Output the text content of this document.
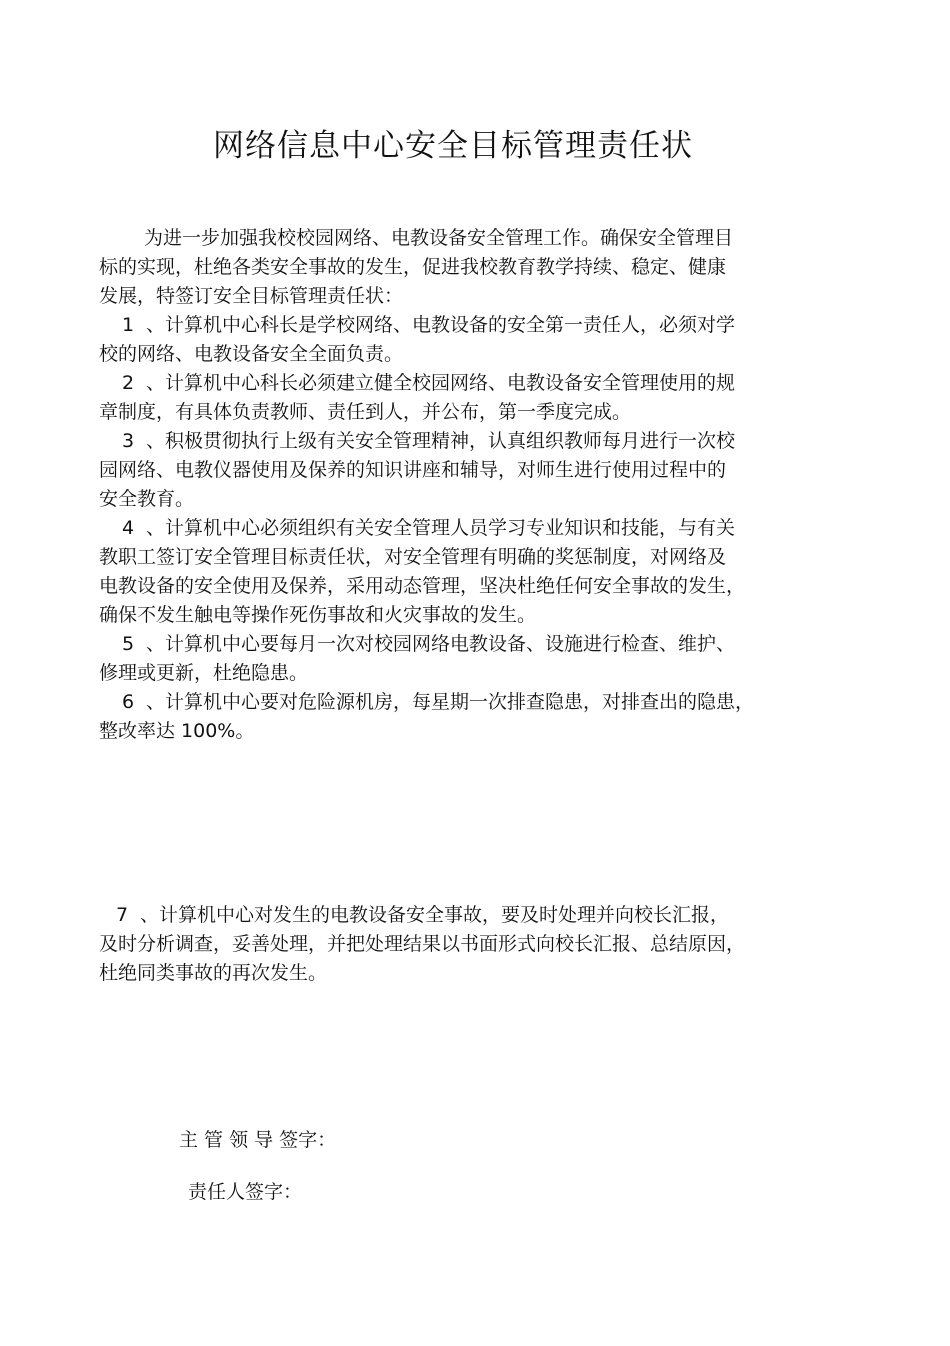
网络信息中心安全目标管理责任状
为进一步加强我校校园网络、电教设备安全管理工作。确保安全管理目
标的实现，杜绝各类安全事故的发生，促进我校教育教学持续、稳定、健康
发展，特签订安全目标管理责任状：
1 、计算机中心科长是学校网络、电教设备的安全第一责任人，必须对学
校的网络、电教设备安全全面负责。
2 、计算机中心科长必须建立健全校园网络、电教设备安全管理使用的规
章制度，有具体负责教师、责任到人，并公布，第一季度完成。
3 、积极贯彻执行上级有关安全管理精神，认真组织教师每月进行一次校
园网络、电教仪器使用及保养的知识讲座和辅导，对师生进行使用过程中的
安全教育。
4 、计算机中心必须组织有关安全管理人员学习专业知识和技能，与有关
教职工签订安全管理目标责任状，对安全管理有明确的奖惩制度，对网络及
电教设备的安全使用及保养，采用动态管理，坚决杜绝任何安全事故的发生，
确保不发生触电等操作死伤事故和火灾事故的发生。
5 、计算机中心要每月一次对校园网络电教设备、设施进行检查、维护、
修理或更新，杜绝隐患。
6 、计算机中心要对危险源机房，每星期一次排查隐患，对排查出的隐患，
整改率达 100%。
7 、计算机中心对发生的电教设备安全事故，要及时处理并向校长汇报，
及时分析调查，妥善处理，并把处理结果以书面形式向校长汇报、总结原因，
杜绝同类事故的再次发生。
主 管 领 导 签字：
责任人签字：
